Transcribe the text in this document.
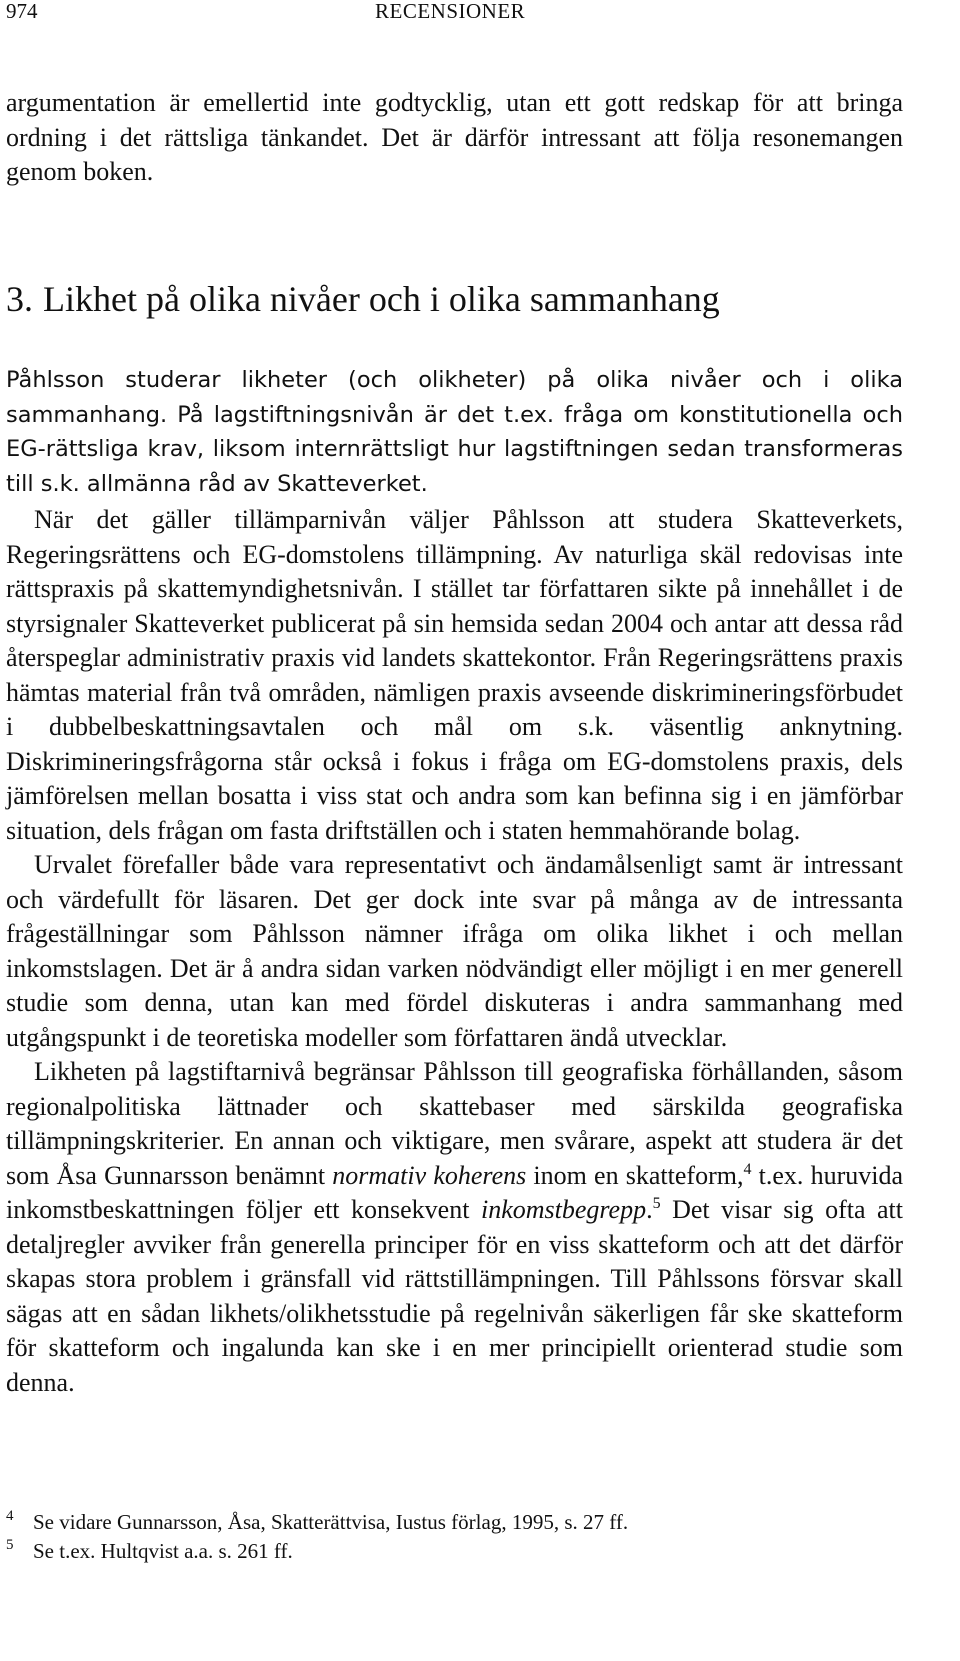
974	RECENSIONER

argumentation är emellertid inte godtycklig, utan ett gott redskap för att bringa ordning i det rättsliga tänkandet. Det är därför intressant att följa resonemangen genom boken.

3. Likhet på olika nivåer och i olika sammanhang

Påhlsson studerar likheter (och olikheter) på olika nivåer och i olika sammanhang. På lagstiftningsnivån är det t.ex. fråga om konstitutionella och EG-rättsliga krav, liksom internrättsligt hur lagstiftningen sedan transformeras till s.k. allmänna råd av Skatteverket.

När det gäller tillämparnivån väljer Påhlsson att studera Skatteverkets, Regeringsrättens och EG-domstolens tillämpning. Av naturliga skäl redovisas inte rättspraxis på skattemyndighetsnivån. I stället tar författaren sikte på innehållet i de styrsignaler Skatteverket publicerat på sin hemsida sedan 2004 och antar att dessa råd återspeglar administrativ praxis vid landets skattekontor. Från Regeringsrättens praxis hämtas material från två områden, nämligen praxis avseende diskrimineringsförbudet i dubbelbeskattningsavtalen och mål om s.k. väsentlig anknytning. Diskrimineringsfrågorna står också i fokus i fråga om EG-domstolens praxis, dels jämförelsen mellan bosatta i viss stat och andra som kan befinna sig i en jämförbar situation, dels frågan om fasta driftställen och i staten hemmahörande bolag.

Urvalet förefaller både vara representativt och ändamålsenligt samt är intressant och värdefullt för läsaren. Det ger dock inte svar på många av de intressanta frågeställningar som Påhlsson nämner ifråga om olika likhet i och mellan inkomstslagen. Det är å andra sidan varken nödvändigt eller möjligt i en mer generell studie som denna, utan kan med fördel diskuteras i andra sammanhang med utgångspunkt i de teoretiska modeller som författaren ändå utvecklar.

Likheten på lagstiftarnivå begränsar Påhlsson till geografiska förhållanden, såsom regionalpolitiska lättnader och skattebaser med särskilda geografiska tillämpningskriterier. En annan och viktigare, men svårare, aspekt att studera är det som Åsa Gunnarsson benämnt normativ koherens inom en skatteform,$^4$ t.ex. huruvida inkomstbeskattningen följer ett konsekvent inkomstbegrepp.$^5$ Det visar sig ofta att detaljregler avviker från generella principer för en viss skatteform och att det därför skapas stora problem i gränsfall vid rättstillämpningen. Till Påhlssons försvar skall sägas att en sådan likhets/olikhetsstudie på regelnivån säkerligen får ske skatteform för skatteform och ingalunda kan ske i en mer principiellt orienterad studie som denna.

4 Se vidare Gunnarsson, Åsa, Skatterättvisa, Iustus förlag, 1995, s. 27 ff.
5 Se t.ex. Hultqvist a.a. s. 261 ff.
